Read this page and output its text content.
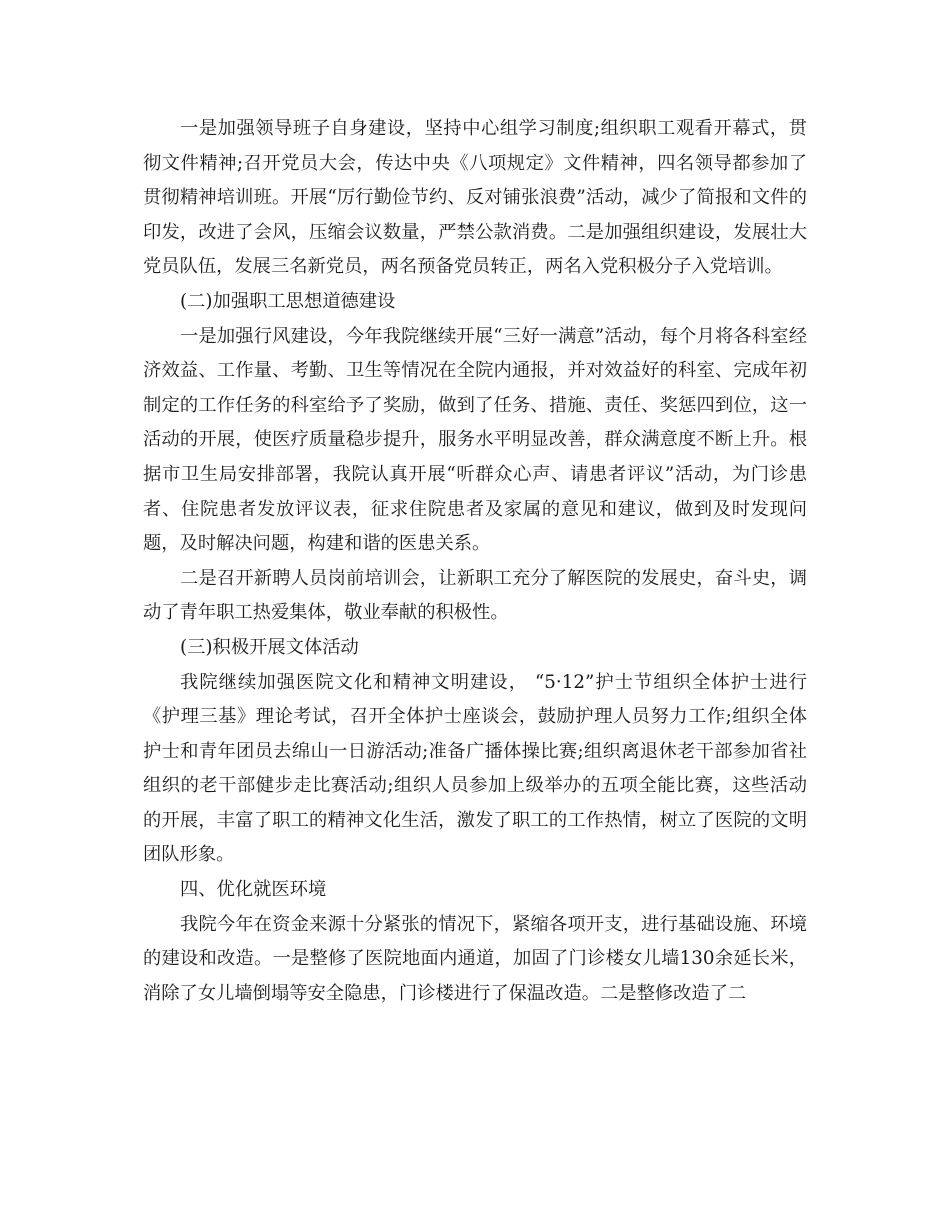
一是加强领导班子自身建设，坚持中心组学习制度;组织职工观看开幕式，贯彻文件精神;召开党员大会，传达中央《八项规定》文件精神，四名领导都参加了贯彻精神培训班。开展“厉行勤俭节约、反对铺张浪费”活动，减少了简报和文件的印发，改进了会风，压缩会议数量，严禁公款消费。二是加强组织建设，发展壮大党员队伍，发展三名新党员，两名预备党员转正，两名入党积极分子入党培训。

(二)加强职工思想道德建设

一是加强行风建设，今年我院继续开展“三好一满意”活动，每个月将各科室经济效益、工作量、考勤、卫生等情况在全院内通报，并对效益好的科室、完成年初制定的工作任务的科室给予了奖励，做到了任务、措施、责任、奖惩四到位，这一活动的开展，使医疗质量稳步提升，服务水平明显改善，群众满意度不断上升。根据市卫生局安排部署，我院认真开展“听群众心声、请患者评议”活动，为门诊患者、住院患者发放评议表，征求住院患者及家属的意见和建议，做到及时发现问题，及时解决问题，构建和谐的医患关系。

二是召开新聘人员岗前培训会，让新职工充分了解医院的发展史，奋斗史，调动了青年职工热爱集体，敬业奉献的积极性。

(三)积极开展文体活动

我院继续加强医院文化和精神文明建设， “5·12”护士节组织全体护士进行《护理三基》理论考试，召开全体护士座谈会，鼓励护理人员努力工作;组织全体护士和青年团员去绵山一日游活动;准备广播体操比赛;组织离退休老干部参加省社组织的老干部健步走比赛活动;组织人员参加上级举办的五项全能比赛，这些活动的开展，丰富了职工的精神文化生活，激发了职工的工作热情，树立了医院的文明团队形象。

四、优化就医环境

我院今年在资金来源十分紧张的情况下，紧缩各项开支，进行基础设施、环境的建设和改造。一是整修了医院地面内通道，加固了门诊楼女儿墙130余延长米，消除了女儿墙倒塌等安全隐患，门诊楼进行了保温改造。二是整修改造了二
